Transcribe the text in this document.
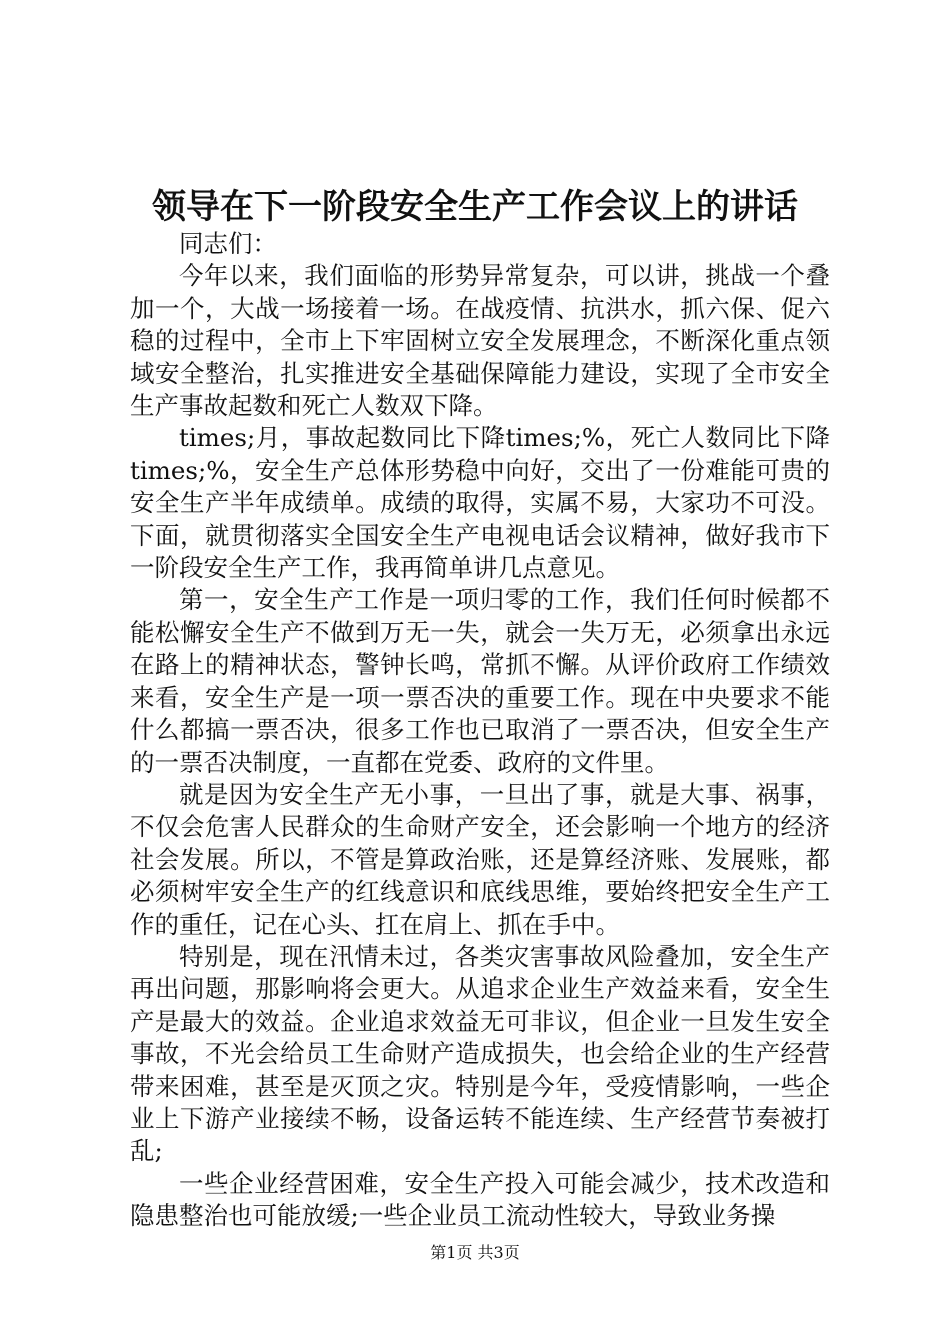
领导在下一阶段安全生产工作会议上的讲话

同志们：

今年以来，我们面临的形势异常复杂，可以讲，挑战一个叠加一个，大战一场接着一场。在战疫情、抗洪水，抓六保、促六稳的过程中，全市上下牢固树立安全发展理念，不断深化重点领域安全整治，扎实推进安全基础保障能力建设，实现了全市安全生产事故起数和死亡人数双下降。

times;月，事故起数同比下降times;%，死亡人数同比下降times;%，安全生产总体形势稳中向好，交出了一份难能可贵的安全生产半年成绩单。成绩的取得，实属不易，大家功不可没。下面，就贯彻落实全国安全生产电视电话会议精神，做好我市下一阶段安全生产工作，我再简单讲几点意见。

第一，安全生产工作是一项归零的工作，我们任何时候都不能松懈安全生产不做到万无一失，就会一失万无，必须拿出永远在路上的精神状态，警钟长鸣，常抓不懈。从评价政府工作绩效来看，安全生产是一项一票否决的重要工作。现在中央要求不能什么都搞一票否决，很多工作也已取消了一票否决，但安全生产的一票否决制度，一直都在党委、政府的文件里。

就是因为安全生产无小事，一旦出了事，就是大事、祸事，不仅会危害人民群众的生命财产安全，还会影响一个地方的经济社会发展。所以，不管是算政治账，还是算经济账、发展账，都必须树牢安全生产的红线意识和底线思维，要始终把安全生产工作的重任，记在心头、扛在肩上、抓在手中。

特别是，现在汛情未过，各类灾害事故风险叠加，安全生产再出问题，那影响将会更大。从追求企业生产效益来看，安全生产是最大的效益。企业追求效益无可非议，但企业一旦发生安全事故，不光会给员工生命财产造成损失，也会给企业的生产经营带来困难，甚至是灭顶之灾。特别是今年，受疫情影响，一些企业上下游产业接续不畅，设备运转不能连续、生产经营节奏被打乱;

一些企业经营困难，安全生产投入可能会减少，技术改造和隐患整治也可能放缓;一些企业员工流动性较大，导致业务操

第1页 共3页
